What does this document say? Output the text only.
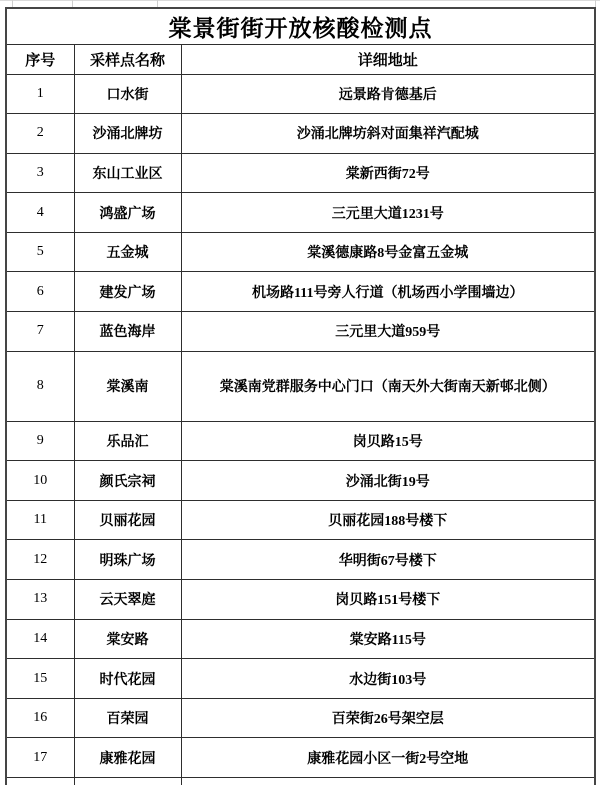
棠景街街开放核酸检测点		
序号	采样点名称	详细地址
1	口水街	远景路肯德基后
2	沙涌北牌坊	沙涌北牌坊斜对面集祥汽配城
3	东山工业区	棠新西街72号
4	鸿盛广场	三元里大道1231号
5	五金城	棠溪德康路8号金富五金城
6	建发广场	机场路111号旁人行道（机场西小学围墙边）
7	蓝色海岸	三元里大道959号
8	棠溪南	棠溪南党群服务中心门口（南天外大街南天新邨北侧）
9	乐品汇	岗贝路15号
10	颜氏宗祠	沙涌北街19号
11	贝丽花园	贝丽花园188号楼下
12	明珠广场	华明街67号楼下
13	云天翠庭	岗贝路151号楼下
14	棠安路	棠安路115号
15	时代花园	水边街103号
16	百荣园	百荣街26号架空层
17	康雅花园	康雅花园小区一街2号空地
